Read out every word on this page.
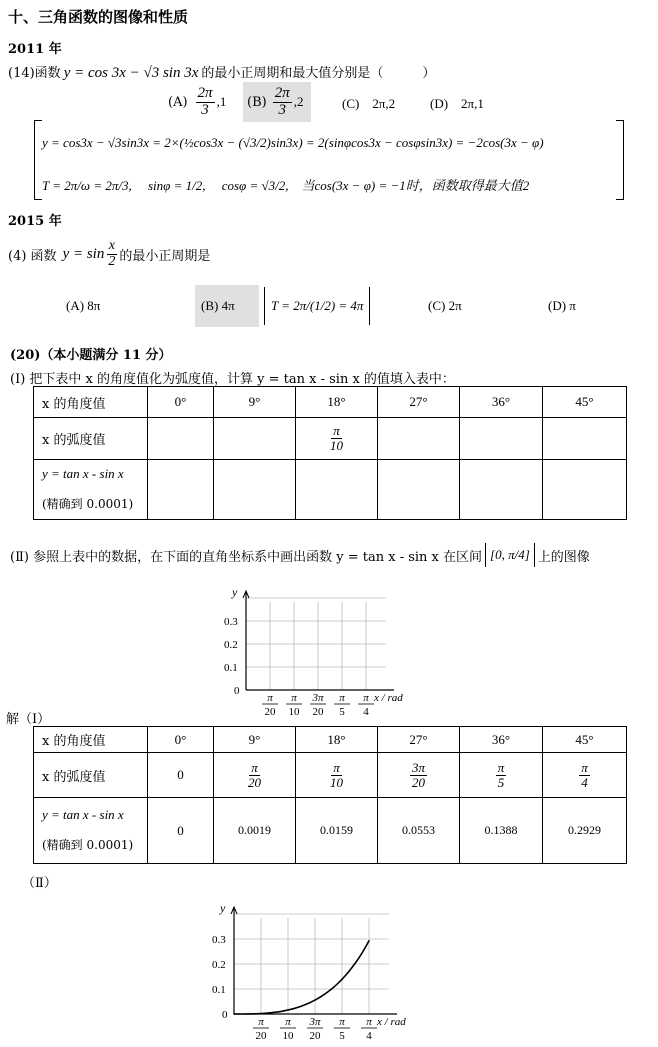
十、三角函数的图像和性质
2011 年
(14)函数 y = cos 3x − √3 sin 3x 的最小正周期和最大值分别是（　　　）
$(A) \frac{2\pi}{3} ,1$ $(B) \frac{2\pi}{3} ,2$	(C)　2π,2	(D)　2π,1
y = cos3x − √3sin3x = 2×(½cos3x − (√3/2)sin3x) = 2(sinφcos3x − cosφsin3x) = −2cos(3x − φ)
T = 2π/ω = 2π/3,　 sinφ = 1/2,　 cosφ = √3/2,　当cos(3x − φ) = −1时，函数取得最大值2
2015 年
(4) 函数 $y = \sin \frac{x}{2}$ 的最小正周期是
(A) 8π	(B) 4π	T = 2π/(1/2) = 4π	(C) 2π	(D) π
(20)（本小题满分 11 分）
(Ⅰ) 把下表中 x 的角度值化为弧度值，计算 y = tan x - sin x 的值填入表中：
x 的角度值	0°	9°	18°	27°	36°	45°
x 的弧度值			$\frac{\pi}{10}$

y = tan x - sin x
(精确到 0.0001)						

(Ⅱ) 参照上表中的数据，在下面的直角坐标系中画出函数 y = tan x - sin x 在区间 [0, π/4] 上的图像
y
x / rad
0
0.1
0.2
0.3
π
20
π
10
3π
20
π
5
π
4
解（Ⅰ）
x 的角度值	0°	9°	18°	27°	36°	45°
x 的弧度值	0	$\frac{\pi}{20}$	$\frac{\pi}{10}$	$\frac{3\pi}{20}$	$\frac{\pi}{5}$	$\frac{\pi}{4}$

y = tan x - sin x
(精确到 0.0001)	0	0.0019	0.0159	0.0553	0.1388	0.2929
（Ⅱ）
y
x / rad
0
0.1
0.2
0.3
π
20
π
10
3π
20
π
5
π
4
